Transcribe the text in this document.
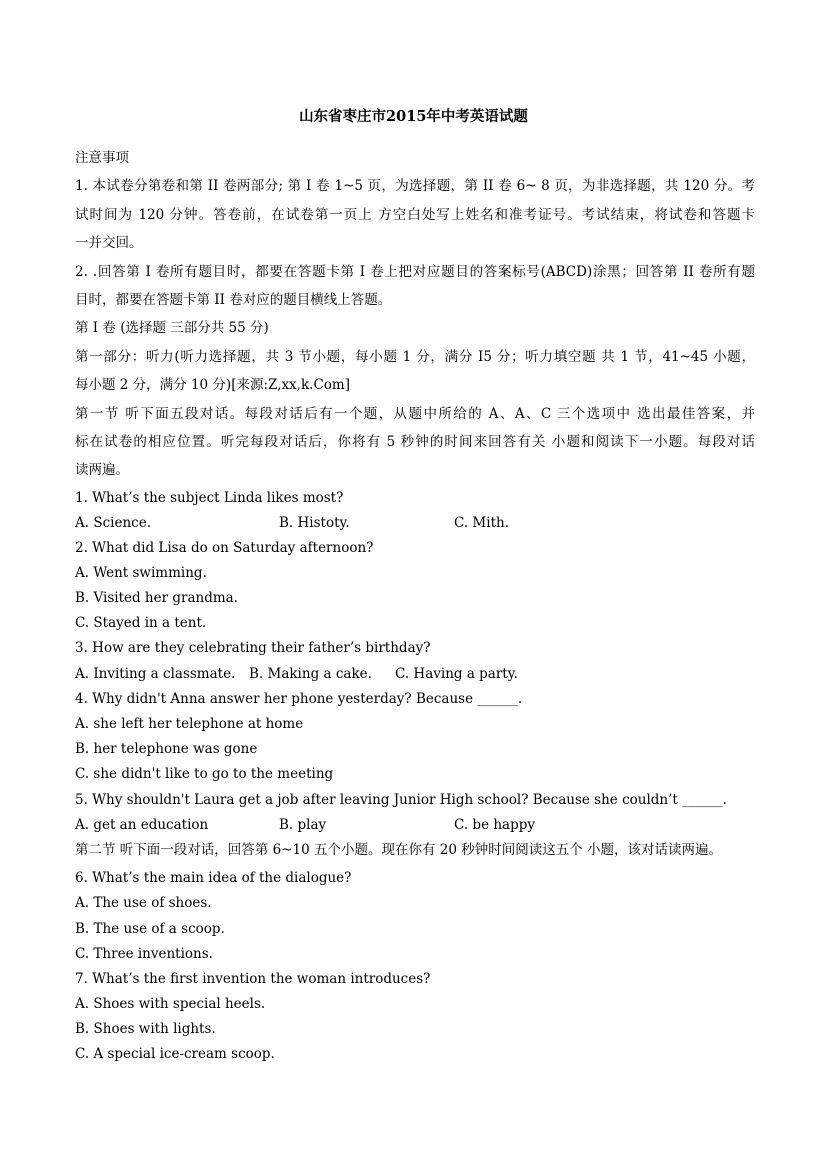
山东省枣庄市2015年中考英语试题
注意事项
1. 本试卷分第卷和第 II 卷两部分; 第 I 卷 1~5 页，为选择题，第 II 卷 6~ 8 页，为非选择题，共 120 分。考
试时间为 120 分钟。答卷前，在试卷第一页上 方空白处写上姓名和准考证号。考试结束，将试卷和答题卡
一并交回。
2. .回答第 I 卷所有题目时，都要在答题卡第 I 卷上把对应题目的答案标号(ABCD)涂黑；回答第 II 卷所有题
目时，都要在答题卡第 II 卷对应的题目横线上答题。
第 I 卷 (选择题 三部分共 55 分)
第一部分：听力(听力选择题，共 3 节小题，每小题 1 分，满分 I5 分；听力填空题 共 1 节，41~45 小题，
每小题 2 分，满分 10 分)[来源:Z,xx,k.Com]
第一节 听下面五段对话。每段对话后有一个题，从题中所给的 A、A、C 三个选项中 选出最佳答案，并
标在试卷的相应位置。听完每段对话后，你将有 5 秒钟的时间来回答有关 小题和阅读下一小题。每段对话
读两遍。
1. What’s the subject Linda likes most?
A. Science.	B. Histoty.	C. Mith.
2. What did Lisa do on Saturday afternoon?
A. Went swimming.
B. Visited her grandma.
C. Stayed in a tent.
3. How are they celebrating their father’s birthday?
A. Inviting a classmate. B. Making a cake. C. Having a party.
4. Why didn't Anna answer her phone yesterday? Because ______.
A. she left her telephone at home
B. her telephone was gone
C. she didn't like to go to the meeting
5. Why shouldn't Laura get a job after leaving Junior High school? Because she couldn’t ______.
A. get an education	B. play	C. be happy
第二节 听下面一段对话，回答第 6~10 五个小题。现在你有 20 秒钟时间阅读这五个 小题，该对话读两遍。
6. What’s the main idea of the dialogue?
A. The use of shoes.
B. The use of a scoop.
C. Three inventions.
7. What’s the first invention the woman introduces?
A. Shoes with special heels.
B. Shoes with lights.
C. A special ice-cream scoop.
